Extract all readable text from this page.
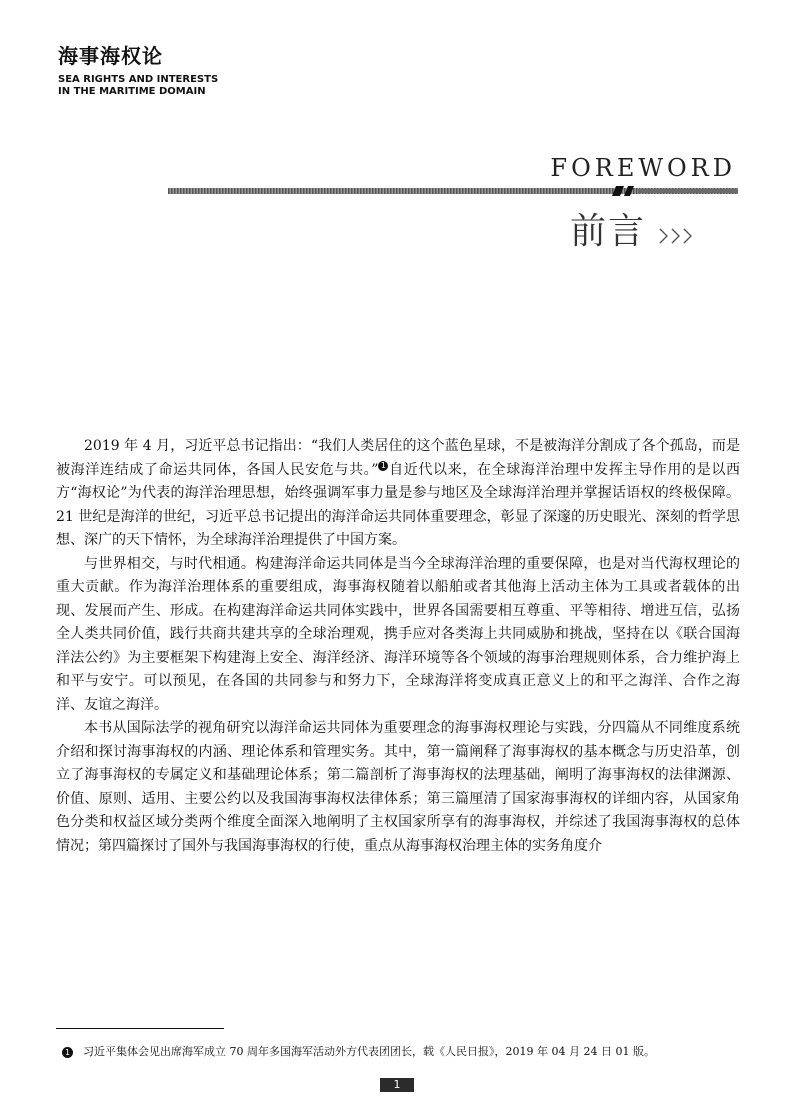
海事海权论
SEA RIGHTS AND INTERESTS
IN THE MARITIME DOMAIN
FOREWORD
前言

2019 年 4 月，习近平总书记指出：“我们人类居住的这个蓝色星球，不是被海洋分割成了各个孤岛，而是被海洋连结成了命运共同体，各国人民安危与共。” 1 自近代以来，在全球海洋治理中发挥主导作用的是以西方“海权论”为代表的海洋治理思想，始终强调军事力量是参与地区及全球海洋治理并掌握话语权的终极保障。21 世纪是海洋的世纪，习近平总书记提出的海洋命运共同体重要理念，彰显了深邃的历史眼光、深刻的哲学思想、深广的天下情怀，为全球海洋治理提供了中国方案。

与世界相交，与时代相通。构建海洋命运共同体是当今全球海洋治理的重要保障，也是对当代海权理论的重大贡献。作为海洋治理体系的重要组成，海事海权随着以船舶或者其他海上活动主体为工具或者载体的出现、发展而产生、形成。在构建海洋命运共同体实践中，世界各国需要相互尊重、平等相待、增进互信，弘扬全人类共同价值，践行共商共建共享的全球治理观，携手应对各类海上共同威胁和挑战，坚持在以《联合国海洋法公约》为主要框架下构建海上安全、海洋经济、海洋环境等各个领域的海事治理规则体系，合力维护海上和平与安宁。可以预见，在各国的共同参与和努力下，全球海洋将变成真正意义上的和平之海洋、合作之海洋、友谊之海洋。

本书从国际法学的视角研究以海洋命运共同体为重要理念的海事海权理论与实践，分四篇从不同维度系统介绍和探讨海事海权的内涵、理论体系和管理实务。其中，第一篇阐释了海事海权的基本概念与历史沿革，创立了海事海权的专属定义和基础理论体系；第二篇剖析了海事海权的法理基础，阐明了海事海权的法律渊源、价值、原则、适用、主要公约以及我国海事海权法律体系；第三篇厘清了国家海事海权的详细内容，从国家角色分类和权益区域分类两个维度全面深入地阐明了主权国家所享有的海事海权，并综述了我国海事海权的总体情况；第四篇探讨了国外与我国海事海权的行使，重点从海事海权治理主体的实务角度介

1 习近平集体会见出席海军成立 70 周年多国海军活动外方代表团团长，载《人民日报》，2019 年 04 月 24 日 01 版。
1
